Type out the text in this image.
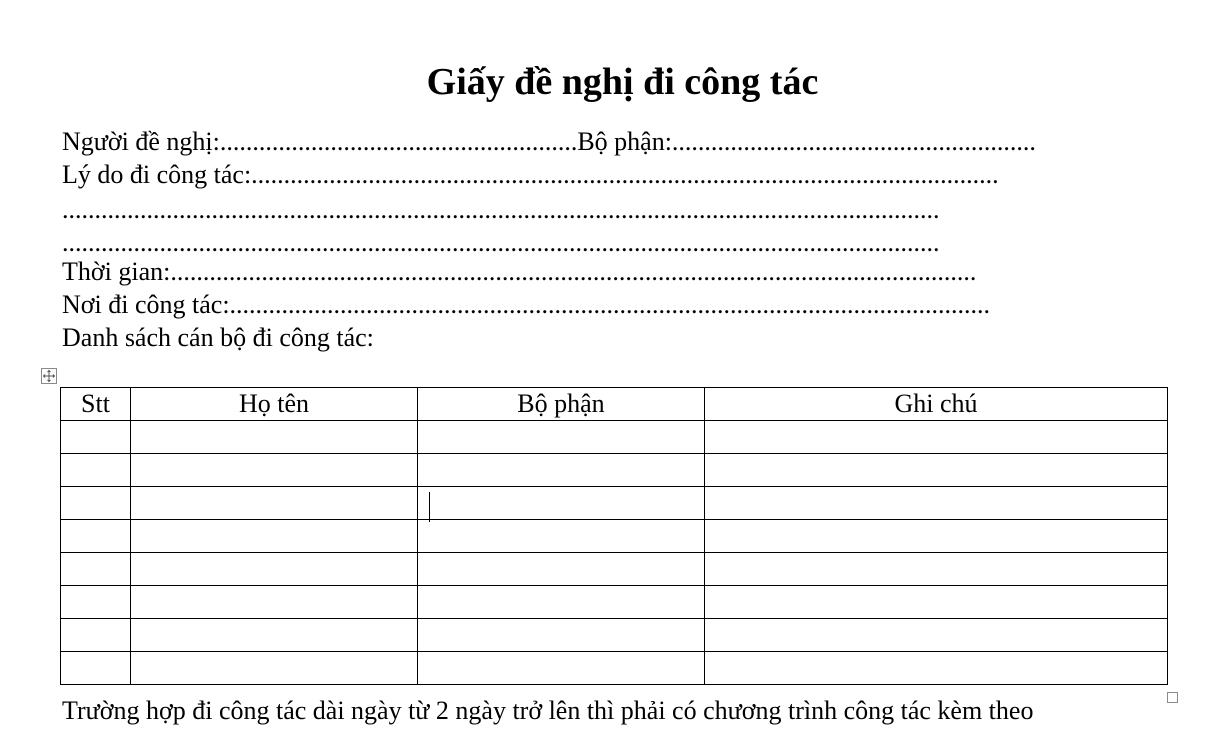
Giấy đề nghị đi công tác
Người đề nghị:.......................................................Bộ phận:........................................................
Lý do đi công tác:...................................................................................................................
.......................................................................................................................................
.......................................................................................................................................
Thời gian:............................................................................................................................
Nơi đi công tác:.....................................................................................................................
Danh sách cán bộ đi công tác:
Stt	Họ tên	Bộ phận	Ghi chú

Trường hợp đi công tác dài ngày từ 2 ngày trở lên thì phải có chương trình công tác kèm theo
